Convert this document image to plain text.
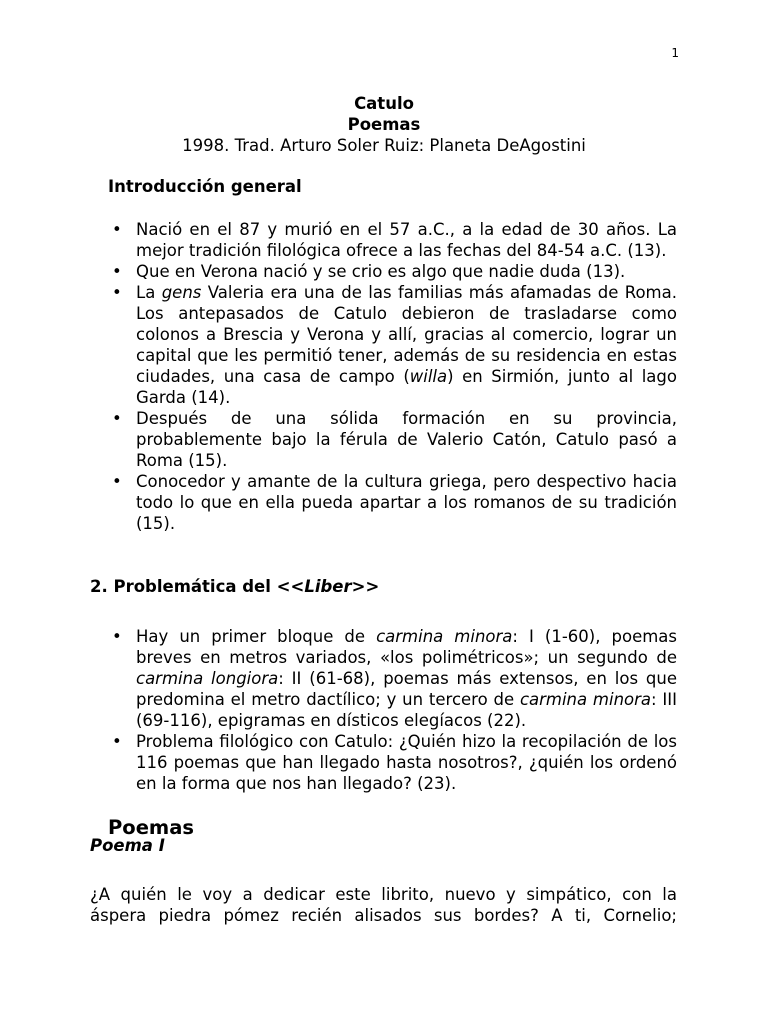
1
Catulo
Poemas
1998. Trad. Arturo Soler Ruiz: Planeta DeAgostini
Introducción general
• Nació en el 87 y murió en el 57 a.C., a la edad de 30 años. La mejor tradición filológica ofrece a las fechas del 84-54 a.C. (13).
• Que en Verona nació y se crio es algo que nadie duda (13).
• La gens Valeria era una de las familias más afamadas de Roma. Los antepasados de Catulo debieron de trasladarse como colonos a Brescia y Verona y allí, gracias al comercio, lograr un capital que les permitió tener, además de su residencia en estas ciudades, una casa de campo (willa) en Sirmión, junto al lago Garda (14).
• Después de una sólida formación en su provincia, probablemente bajo la férula de Valerio Catón, Catulo pasó a Roma (15).
• Conocedor y amante de la cultura griega, pero despectivo hacia todo lo que en ella pueda apartar a los romanos de su tradición (15).
2. Problemática del <<Liber>>
• Hay un primer bloque de carmina minora: I (1-60), poemas breves en metros variados, «los polimétricos»; un segundo de carmina longiora: II (61-68), poemas más extensos, en los que predomina el metro dactílico; y un tercero de carmina minora: III (69-116), epigramas en dísticos elegíacos (22).
• Problema filológico con Catulo: ¿Quién hizo la recopilación de los 116 poemas que han llegado hasta nosotros?, ¿quién los ordenó en la forma que nos han llegado? (23).
Poemas
Poema I
¿A quién le voy a dedicar este librito, nuevo y simpático, con la
áspera piedra pómez recién alisados sus bordes? A ti, Cornelio;
